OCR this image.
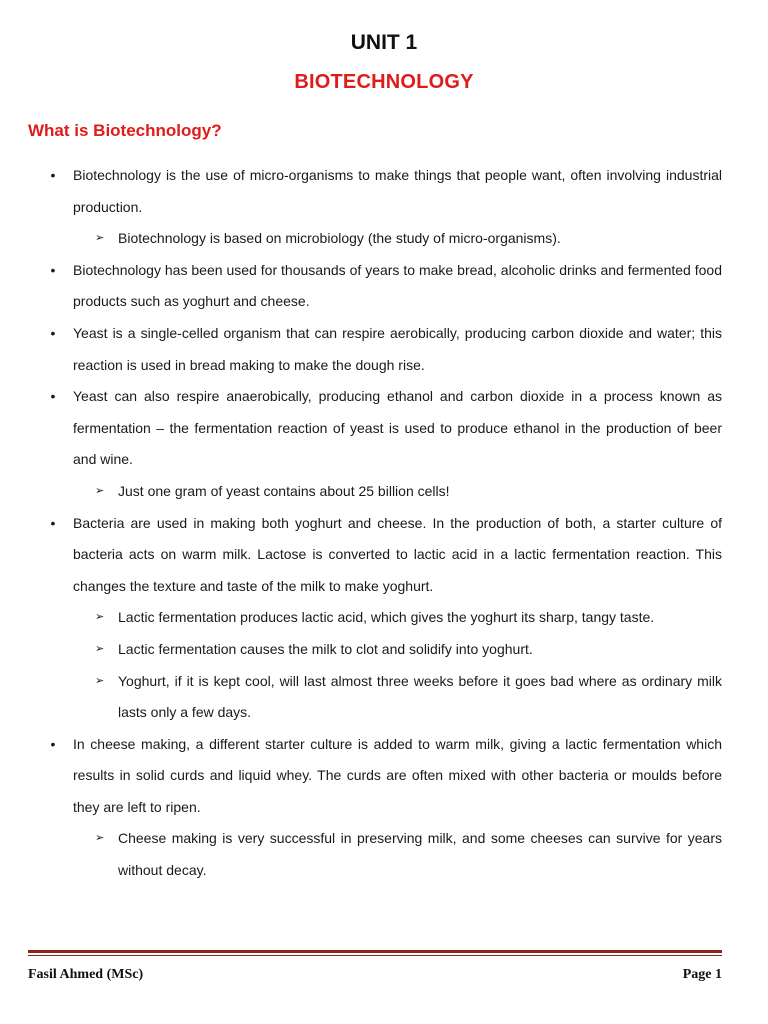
UNIT 1
BIOTECHNOLOGY
What is Biotechnology?
• Biotechnology is the use of micro-organisms to make things that people want, often involving industrial production.
➢ Biotechnology is based on microbiology (the study of micro-organisms).
• Biotechnology has been used for thousands of years to make bread, alcoholic drinks and fermented food products such as yoghurt and cheese.
• Yeast is a single-celled organism that can respire aerobically, producing carbon dioxide and water; this reaction is used in bread making to make the dough rise.
• Yeast can also respire anaerobically, producing ethanol and carbon dioxide in a process known as fermentation – the fermentation reaction of yeast is used to produce ethanol in the production of beer and wine.
➢ Just one gram of yeast contains about 25 billion cells!
• Bacteria are used in making both yoghurt and cheese. In the production of both, a starter culture of bacteria acts on warm milk. Lactose is converted to lactic acid in a lactic fermentation reaction. This changes the texture and taste of the milk to make yoghurt.
➢ Lactic fermentation produces lactic acid, which gives the yoghurt its sharp, tangy taste.
➢ Lactic fermentation causes the milk to clot and solidify into yoghurt.
➢ Yoghurt, if it is kept cool, will last almost three weeks before it goes bad where as ordinary milk lasts only a few days.
• In cheese making, a different starter culture is added to warm milk, giving a lactic fermentation which results in solid curds and liquid whey. The curds are often mixed with other bacteria or moulds before they are left to ripen.
➢ Cheese making is very successful in preserving milk, and some cheeses can survive for years without decay.
Fasil Ahmed (MSc)	Page 1
